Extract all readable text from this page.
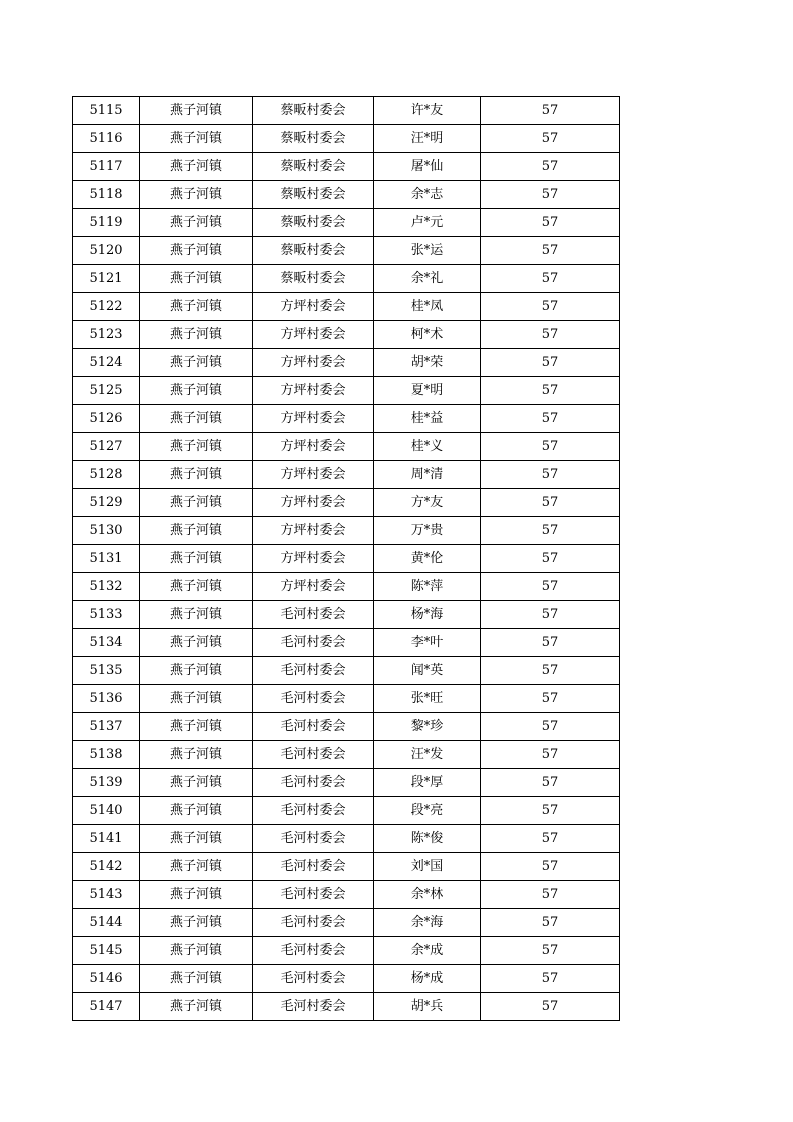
5115	燕子河镇	蔡畈村委会	许*友	57
5116	燕子河镇	蔡畈村委会	汪*明	57
5117	燕子河镇	蔡畈村委会	屠*仙	57
5118	燕子河镇	蔡畈村委会	余*志	57
5119	燕子河镇	蔡畈村委会	卢*元	57
5120	燕子河镇	蔡畈村委会	张*运	57
5121	燕子河镇	蔡畈村委会	余*礼	57
5122	燕子河镇	方坪村委会	桂*凤	57
5123	燕子河镇	方坪村委会	柯*术	57
5124	燕子河镇	方坪村委会	胡*荣	57
5125	燕子河镇	方坪村委会	夏*明	57
5126	燕子河镇	方坪村委会	桂*益	57
5127	燕子河镇	方坪村委会	桂*义	57
5128	燕子河镇	方坪村委会	周*清	57
5129	燕子河镇	方坪村委会	方*友	57
5130	燕子河镇	方坪村委会	万*贵	57
5131	燕子河镇	方坪村委会	黄*伦	57
5132	燕子河镇	方坪村委会	陈*萍	57
5133	燕子河镇	毛河村委会	杨*海	57
5134	燕子河镇	毛河村委会	李*叶	57
5135	燕子河镇	毛河村委会	闻*英	57
5136	燕子河镇	毛河村委会	张*旺	57
5137	燕子河镇	毛河村委会	黎*珍	57
5138	燕子河镇	毛河村委会	汪*发	57
5139	燕子河镇	毛河村委会	段*厚	57
5140	燕子河镇	毛河村委会	段*亮	57
5141	燕子河镇	毛河村委会	陈*俊	57
5142	燕子河镇	毛河村委会	刘*国	57
5143	燕子河镇	毛河村委会	余*林	57
5144	燕子河镇	毛河村委会	余*海	57
5145	燕子河镇	毛河村委会	余*成	57
5146	燕子河镇	毛河村委会	杨*成	57
5147	燕子河镇	毛河村委会	胡*兵	57
